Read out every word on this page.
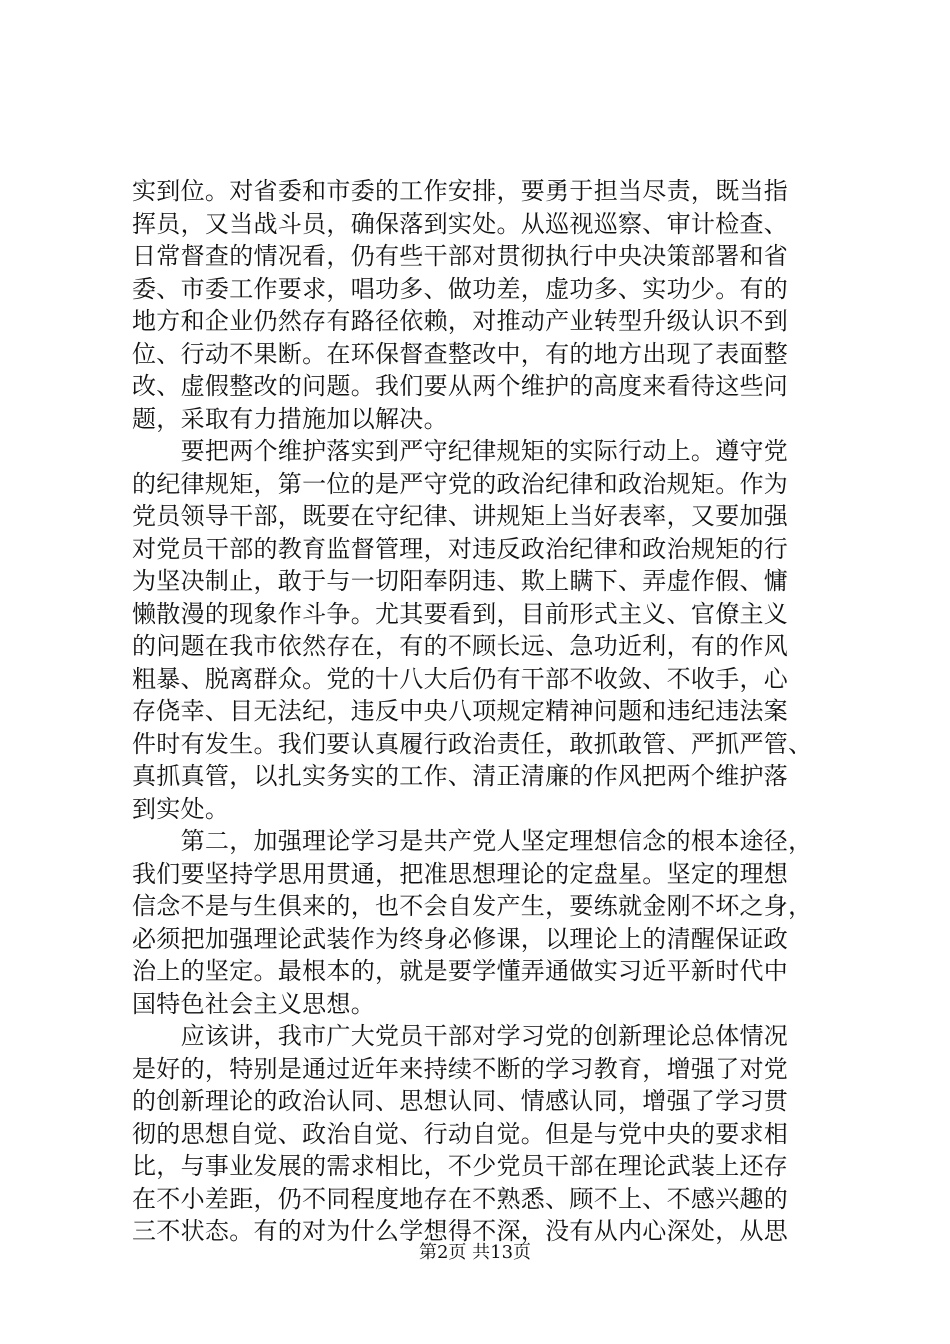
实到位。对省委和市委的工作安排，要勇于担当尽责，既当指
挥员，又当战斗员，确保落到实处。从巡视巡察、审计检查、
日常督查的情况看，仍有些干部对贯彻执行中央决策部署和省
委、市委工作要求，唱功多、做功差，虚功多、实功少。有的
地方和企业仍然存有路径依赖，对推动产业转型升级认识不到
位、行动不果断。在环保督查整改中，有的地方出现了表面整
改、虚假整改的问题。我们要从两个维护的高度来看待这些问
题，采取有力措施加以解决。
　　要把两个维护落实到严守纪律规矩的实际行动上。遵守党
的纪律规矩，第一位的是严守党的政治纪律和政治规矩。作为
党员领导干部，既要在守纪律、讲规矩上当好表率，又要加强
对党员干部的教育监督管理，对违反政治纪律和政治规矩的行
为坚决制止，敢于与一切阳奉阴违、欺上瞒下、弄虚作假、慵
懒散漫的现象作斗争。尤其要看到，目前形式主义、官僚主义
的问题在我市依然存在，有的不顾长远、急功近利，有的作风
粗暴、脱离群众。党的十八大后仍有干部不收敛、不收手，心
存侥幸、目无法纪，违反中央八项规定精神问题和违纪违法案
件时有发生。我们要认真履行政治责任，敢抓敢管、严抓严管、
真抓真管，以扎实务实的工作、清正清廉的作风把两个维护落
到实处。
　　第二，加强理论学习是共产党人坚定理想信念的根本途径，
我们要坚持学思用贯通，把准思想理论的定盘星。坚定的理想
信念不是与生俱来的，也不会自发产生，要练就金刚不坏之身，
必须把加强理论武装作为终身必修课，以理论上的清醒保证政
治上的坚定。最根本的，就是要学懂弄通做实习近平新时代中
国特色社会主义思想。
　　应该讲，我市广大党员干部对学习党的创新理论总体情况
是好的，特别是通过近年来持续不断的学习教育，增强了对党
的创新理论的政治认同、思想认同、情感认同，增强了学习贯
彻的思想自觉、政治自觉、行动自觉。但是与党中央的要求相
比，与事业发展的需求相比，不少党员干部在理论武装上还存
在不小差距，仍不同程度地存在不熟悉、顾不上、不感兴趣的
三不状态。有的对为什么学想得不深，没有从内心深处，从思
第2页 共13页
